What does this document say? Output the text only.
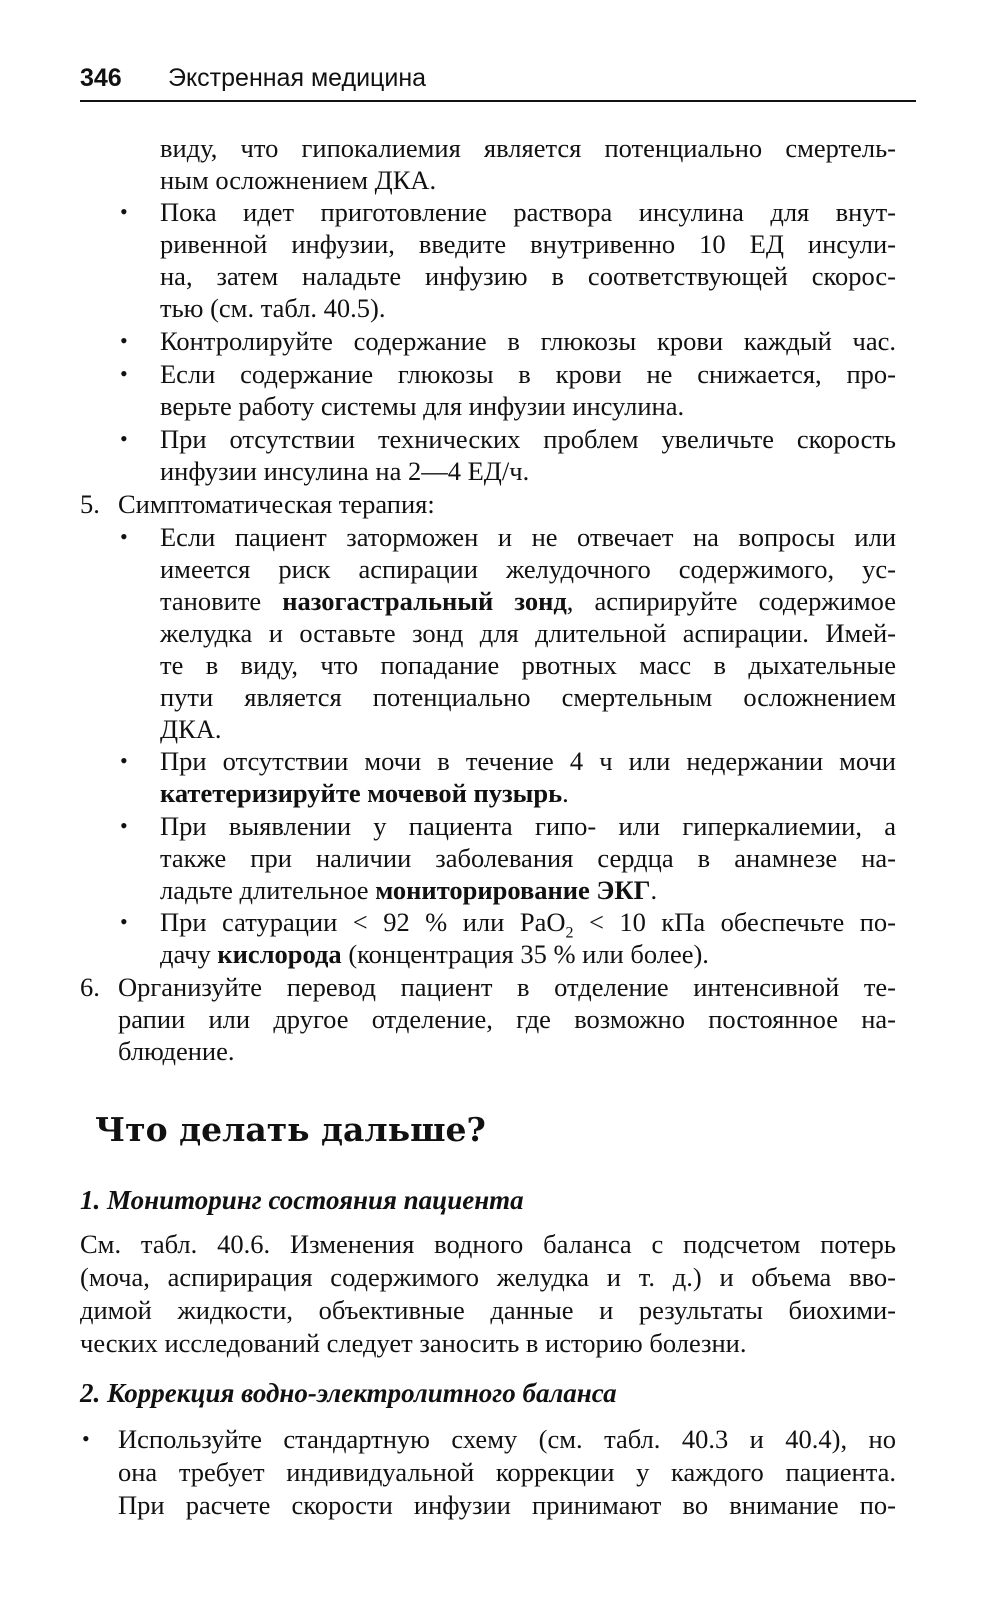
346 Экстренная медицина
виду, что гипокалиемия является потенциально смертель-
ным осложнением ДКА.
• Пока идет приготовление раствора инсулина для внут-
ривенной инфузии, введите внутривенно 10 ЕД инсули-
на, затем наладьте инфузию в соответствующей скорос-
тью (см. табл. 40.5).
• Контролируйте содержание в глюкозы крови каждый час.
• Если содержание глюкозы в крови не снижается, про-
верьте работу системы для инфузии инсулина.
• При отсутствии технических проблем увеличьте скорость
инфузии инсулина на 2—4 ЕД/ч.
5. Симптоматическая терапия:
• Если пациент заторможен и не отвечает на вопросы или
имеется риск аспирации желудочного содержимого, ус-
тановите назогастральный зонд, аспирируйте содержимое
желудка и оставьте зонд для длительной аспирации. Имей-
те в виду, что попадание рвотных масс в дыхательные
пути является потенциально смертельным осложнением
ДКА.
• При отсутствии мочи в течение 4 ч или недержании мочи
катетеризируйте мочевой пузырь.
• При выявлении у пациента гипо- или гиперкалиемии, а
также при наличии заболевания сердца в анамнезе на-
ладьте длительное мониторирование ЭКГ.
• При сатурации < 92 % или PaO$_2$ < 10 кПа обеспечьте по-
дачу кислорода (концентрация 35 % или более).
6. Организуйте перевод пациент в отделение интенсивной те-
рапии или другое отделение, где возможно постоянное на-
блюдение.
Что делать дальше?
1. Мониторинг состояния пациента
См. табл. 40.6. Изменения водного баланса с подсчетом потерь
(моча, аспирирация содержимого желудка и т. д.) и объема вво-
димой жидкости, объективные данные и результаты биохими-
ческих исследований следует заносить в историю болезни.
2. Коррекция водно-электролитного баланса
• Используйте стандартную схему (см. табл. 40.3 и 40.4), но
она требует индивидуальной коррекции у каждого пациента.
При расчете скорости инфузии принимают во внимание по-
